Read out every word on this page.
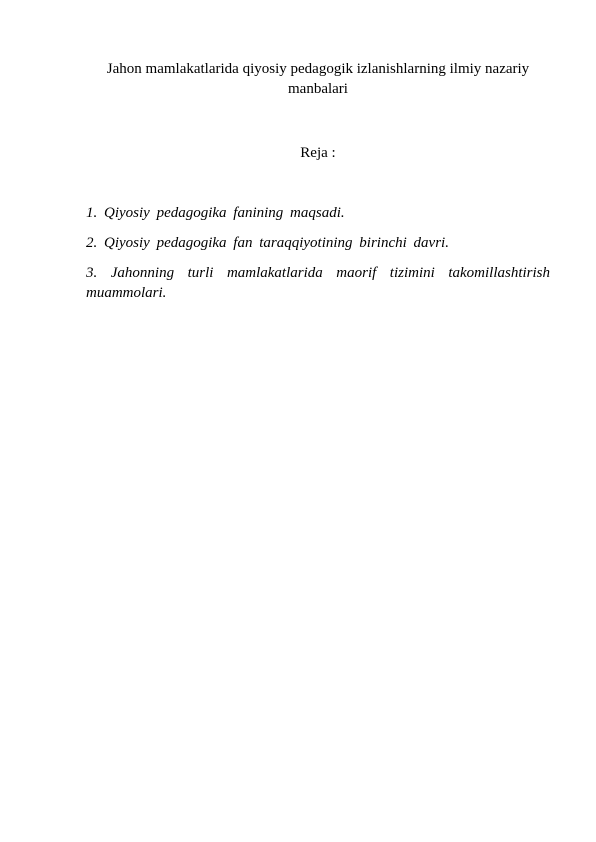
Jahon mamlakatlarida qiyosiy pedagogik izlanishlarning ilmiy nazariy
manbalari
Reja :
1. Qiyosiy pedagogika fanining maqsadi.
2. Qiyosiy pedagogika fan taraqqiyotining birinchi davri.
3. Jahonning turli mamlakatlarida maorif tizimini takomillashtirish muammolari.
